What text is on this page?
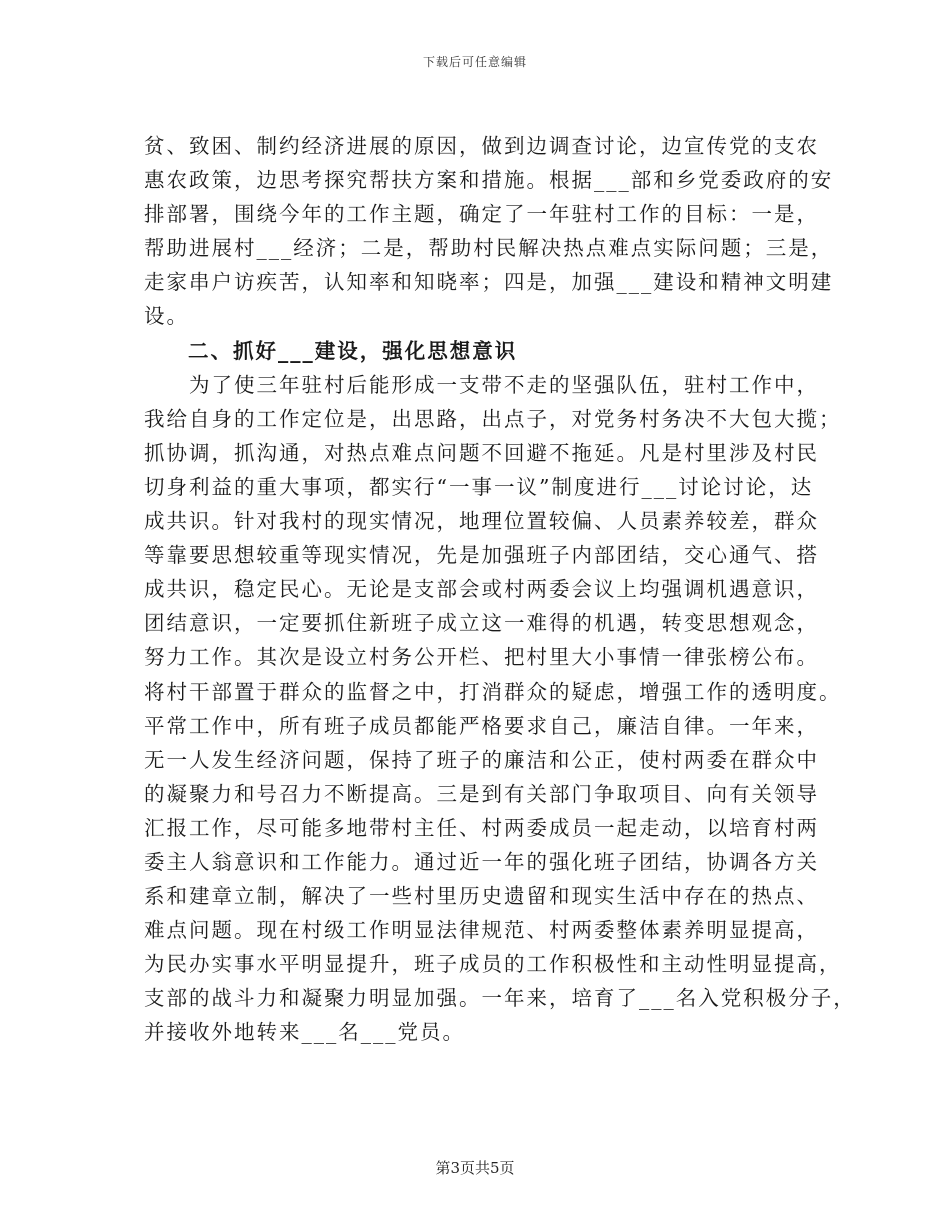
下载后可任意编辑
贫、致困、制约经济进展的原因，做到边调查讨论，边宣传党的支农
惠农政策，边思考探究帮扶方案和措施。根据___部和乡党委政府的安
排部署，围绕今年的工作主题，确定了一年驻村工作的目标：一是，
帮助进展村___经济；二是，帮助村民解决热点难点实际问题；三是，
走家串户访疾苦，认知率和知晓率；四是，加强___建设和精神文明建
设。
二、抓好___建设，强化思想意识
为了使三年驻村后能形成一支带不走的坚强队伍，驻村工作中，
我给自身的工作定位是，出思路，出点子，对党务村务决不大包大揽；
抓协调，抓沟通，对热点难点问题不回避不拖延。凡是村里涉及村民
切身利益的重大事项，都实行“一事一议”制度进行___讨论讨论，达
成共识。针对我村的现实情况，地理位置较偏、人员素养较差，群众
等靠要思想较重等现实情况，先是加强班子内部团结，交心通气、搭
成共识，稳定民心。无论是支部会或村两委会议上均强调机遇意识，
团结意识，一定要抓住新班子成立这一难得的机遇，转变思想观念，
努力工作。其次是设立村务公开栏、把村里大小事情一律张榜公布。
将村干部置于群众的监督之中，打消群众的疑虑，增强工作的透明度。
平常工作中，所有班子成员都能严格要求自己，廉洁自律。一年来，
无一人发生经济问题，保持了班子的廉洁和公正，使村两委在群众中
的凝聚力和号召力不断提高。三是到有关部门争取项目、向有关领导
汇报工作，尽可能多地带村主任、村两委成员一起走动，以培育村两
委主人翁意识和工作能力。通过近一年的强化班子团结，协调各方关
系和建章立制，解决了一些村里历史遗留和现实生活中存在的热点、
难点问题。现在村级工作明显法律规范、村两委整体素养明显提高，
为民办实事水平明显提升，班子成员的工作积极性和主动性明显提高，
支部的战斗力和凝聚力明显加强。一年来，培育了___名入党积极分子，
并接收外地转来___名___党员。
第3页共5页
